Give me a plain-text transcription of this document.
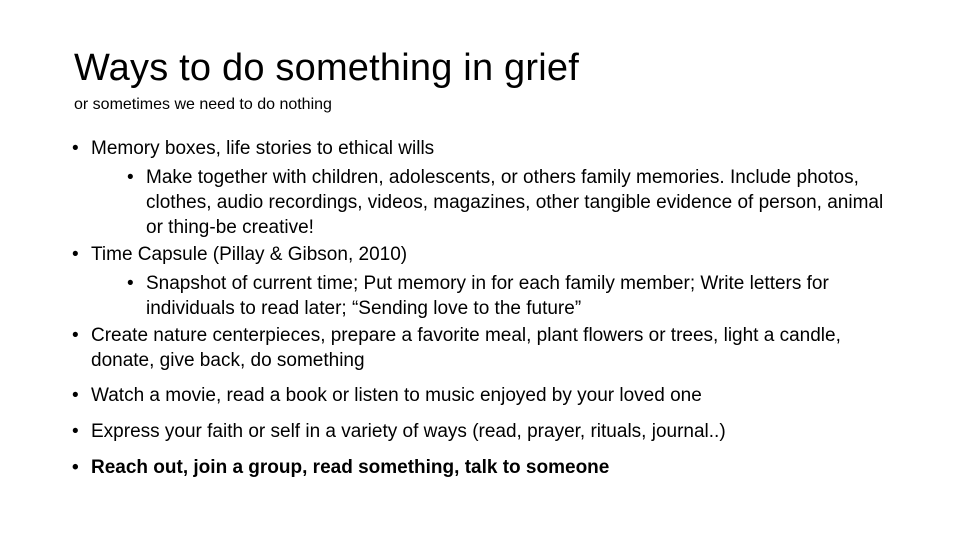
Ways to do something in grief
or sometimes we need to do nothing
• Memory boxes, life stories to ethical wills
• Make together with children, adolescents, or others family memories. Include photos, clothes, audio recordings, videos, magazines, other tangible evidence of person, animal or thing-be creative!
• Time Capsule (Pillay & Gibson, 2010)
• Snapshot of current time; Put memory in for each family member; Write letters for individuals to read later; “Sending love to the future”
• Create nature centerpieces, prepare a favorite meal, plant flowers or trees, light a candle, donate, give back, do something
• Watch a movie, read a book or listen to music enjoyed by your loved one
• Express your faith or self in a variety of ways (read, prayer, rituals, journal..)
• Reach out, join a group, read something, talk to someone
